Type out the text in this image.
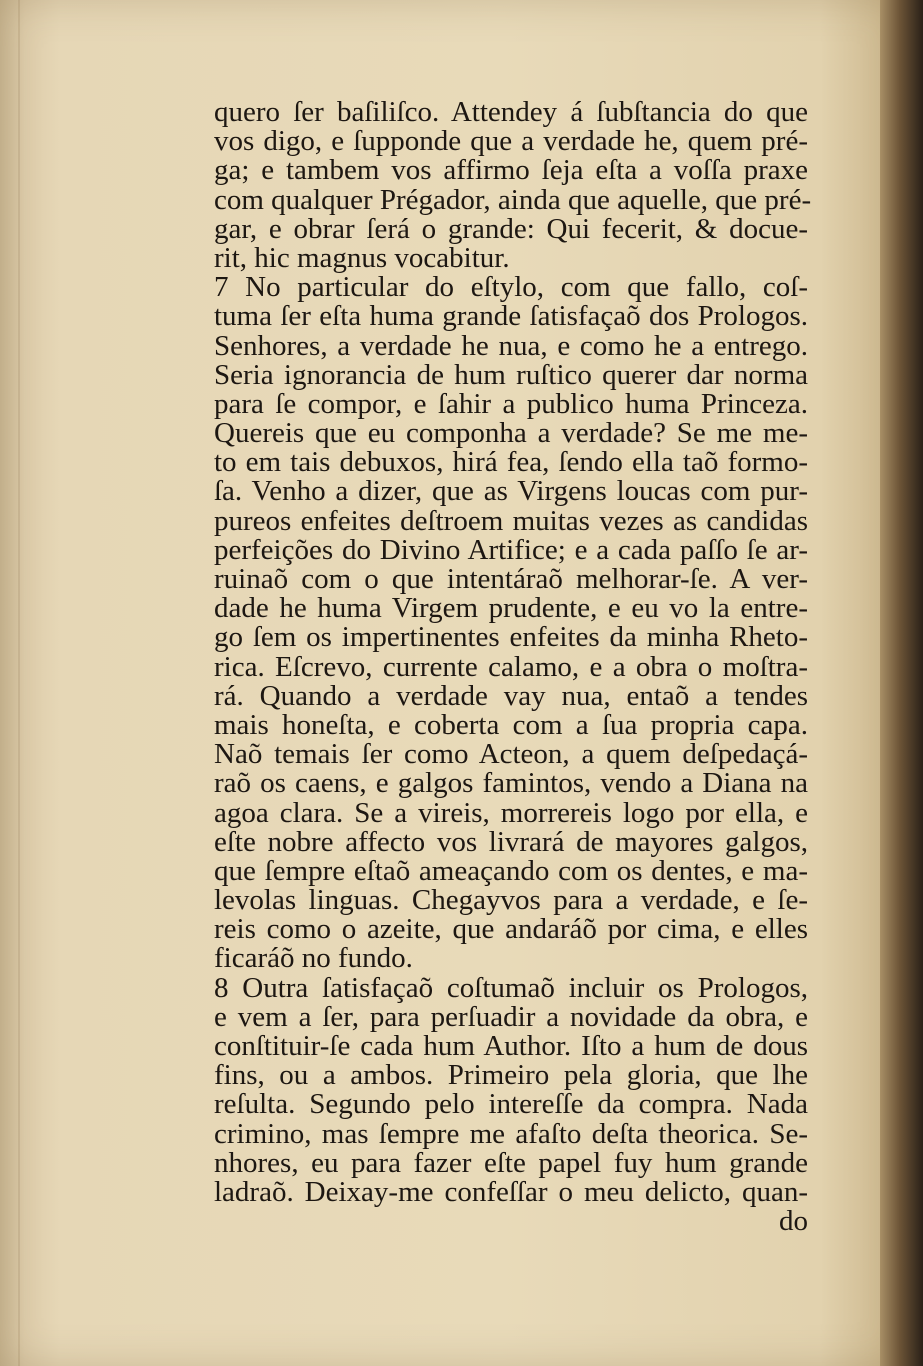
quero ſer baſiliſco. Attendey á ſubſtancia do que
vos digo, e ſupponde que a verdade he, quem pré-
ga; e tambem vos affirmo ſeja eſta a voſſa praxe
com qualquer Prégador, ainda que aquelle, que pré-
gar, e obrar ſerá o grande: Qui fecerit, & docue-
rit, hic magnus vocabitur.
7 No particular do eſtylo, com que fallo, coſ-
tuma ſer eſta huma grande ſatisfaçaõ dos Prologos.
Senhores, a verdade he nua, e como he a entrego.
Seria ignorancia de hum ruſtico querer dar norma
para ſe compor, e ſahir a publico huma Princeza.
Quereis que eu componha a verdade? Se me me-
to em tais debuxos, hirá fea, ſendo ella taõ formo-
ſa. Venho a dizer, que as Virgens loucas com pur-
pureos enfeites deſtroem muitas vezes as candidas
perfeições do Divino Artifice; e a cada paſſo ſe ar-
ruinaõ com o que intentáraõ melhorar-ſe. A ver-
dade he huma Virgem prudente, e eu vo la entre-
go ſem os impertinentes enfeites da minha Rheto-
rica. Eſcrevo, currente calamo, e a obra o moſtra-
rá. Quando a verdade vay nua, entaõ a tendes
mais honeſta, e coberta com a ſua propria capa.
Naõ temais ſer como Acteon, a quem deſpedaçá-
raõ os caens, e galgos famintos, vendo a Diana na
agoa clara. Se a vireis, morrereis logo por ella, e
eſte nobre affecto vos livrará de mayores galgos,
que ſempre eſtaõ ameaçando com os dentes, e ma-
levolas linguas. Chegayvos para a verdade, e ſe-
reis como o azeite, que andaráõ por cima, e elles
ficaráõ no fundo.
8 Outra ſatisfaçaõ coſtumaõ incluir os Prologos,
e vem a ſer, para perſuadir a novidade da obra, e
conſtituir-ſe cada hum Author. Iſto a hum de dous
fins, ou a ambos. Primeiro pela gloria, que lhe
reſulta. Segundo pelo intereſſe da compra. Nada
crimino, mas ſempre me afaſto deſta theorica. Se-
nhores, eu para fazer eſte papel fuy hum grande
ladraõ. Deixay-me confeſſar o meu delicto, quan-
do
